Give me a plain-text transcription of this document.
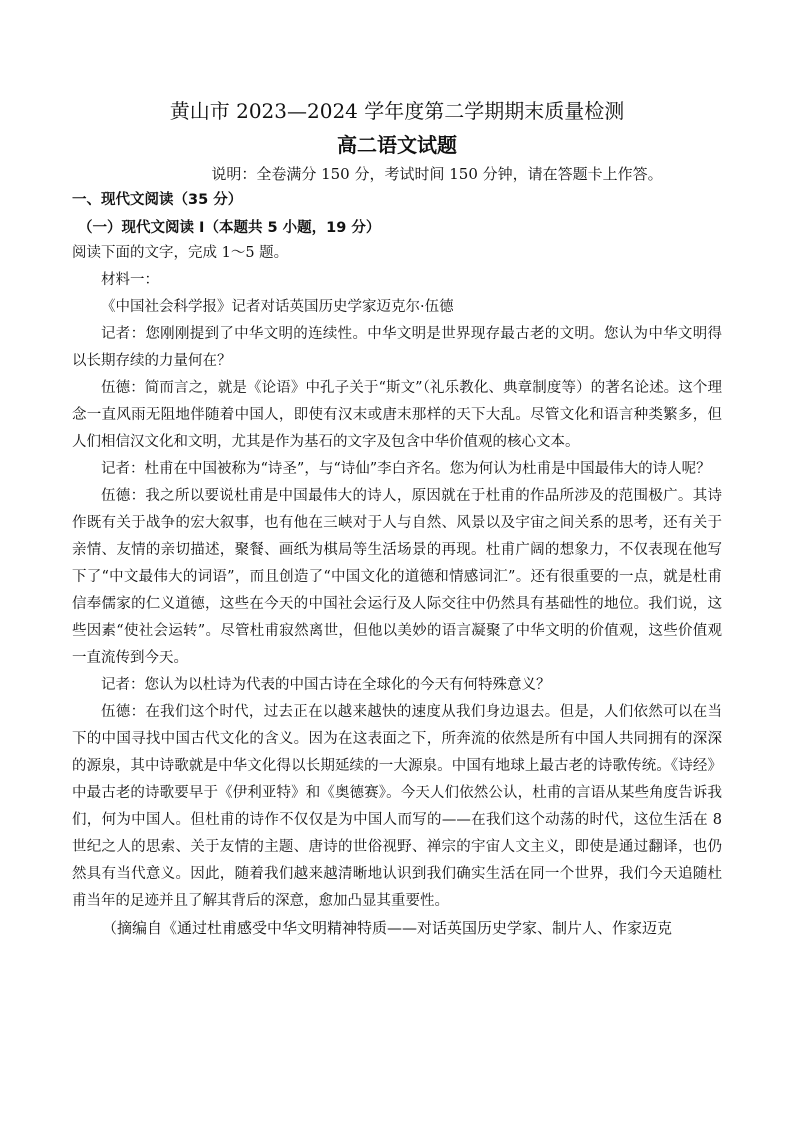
黄山市 2023—2024 学年度第二学期期末质量检测
高二语文试题

说明：全卷满分 150 分，考试时间 150 分钟，请在答题卡上作答。

一、现代文阅读（35 分）

（一）现代文阅读 I（本题共 5 小题，19 分）

阅读下面的文字，完成 1～5 题。

材料一：

《中国社会科学报》记者对话英国历史学家迈克尔·伍德

记者：您刚刚提到了中华文明的连续性。中华文明是世界现存最古老的文明。您认为中华文明得以长期存续的力量何在？

伍德：简而言之，就是《论语》中孔子关于“斯文”（礼乐教化、典章制度等）的著名论述。这个理念一直风雨无阻地伴随着中国人，即使有汉末或唐末那样的天下大乱。尽管文化和语言种类繁多，但人们相信汉文化和文明，尤其是作为基石的文字及包含中华价值观的核心文本。

记者：杜甫在中国被称为“诗圣”，与“诗仙”李白齐名。您为何认为杜甫是中国最伟大的诗人呢？

伍德：我之所以要说杜甫是中国最伟大的诗人，原因就在于杜甫的作品所涉及的范围极广。其诗作既有关于战争的宏大叙事，也有他在三峡对于人与自然、风景以及宇宙之间关系的思考，还有关于亲情、友情的亲切描述，聚餐、画纸为棋局等生活场景的再现。杜甫广阔的想象力，不仅表现在他写下了“中文最伟大的词语”，而且创造了“中国文化的道德和情感词汇”。还有很重要的一点，就是杜甫信奉儒家的仁义道德，这些在今天的中国社会运行及人际交往中仍然具有基础性的地位。我们说，这些因素“使社会运转”。尽管杜甫寂然离世，但他以美妙的语言凝聚了中华文明的价值观，这些价值观一直流传到今天。

记者：您认为以杜诗为代表的中国古诗在全球化的今天有何特殊意义？

伍德：在我们这个时代，过去正在以越来越快的速度从我们身边退去。但是，人们依然可以在当下的中国寻找中国古代文化的含义。因为在这表面之下，所奔流的依然是所有中国人共同拥有的深深的源泉，其中诗歌就是中华文化得以长期延续的一大源泉。中国有地球上最古老的诗歌传统。《诗经》中最古老的诗歌要早于《伊利亚特》和《奥德赛》。今天人们依然公认，杜甫的言语从某些角度告诉我们，何为中国人。但杜甫的诗作不仅仅是为中国人而写的——在我们这个动荡的时代，这位生活在 8 世纪之人的思索、关于友情的主题、唐诗的世俗视野、禅宗的宇宙人文主义，即使是通过翻译，也仍然具有当代意义。因此，随着我们越来越清晰地认识到我们确实生活在同一个世界，我们今天追随杜甫当年的足迹并且了解其背后的深意，愈加凸显其重要性。

（摘编自《通过杜甫感受中华文明精神特质——对话英国历史学家、制片人、作家迈克
